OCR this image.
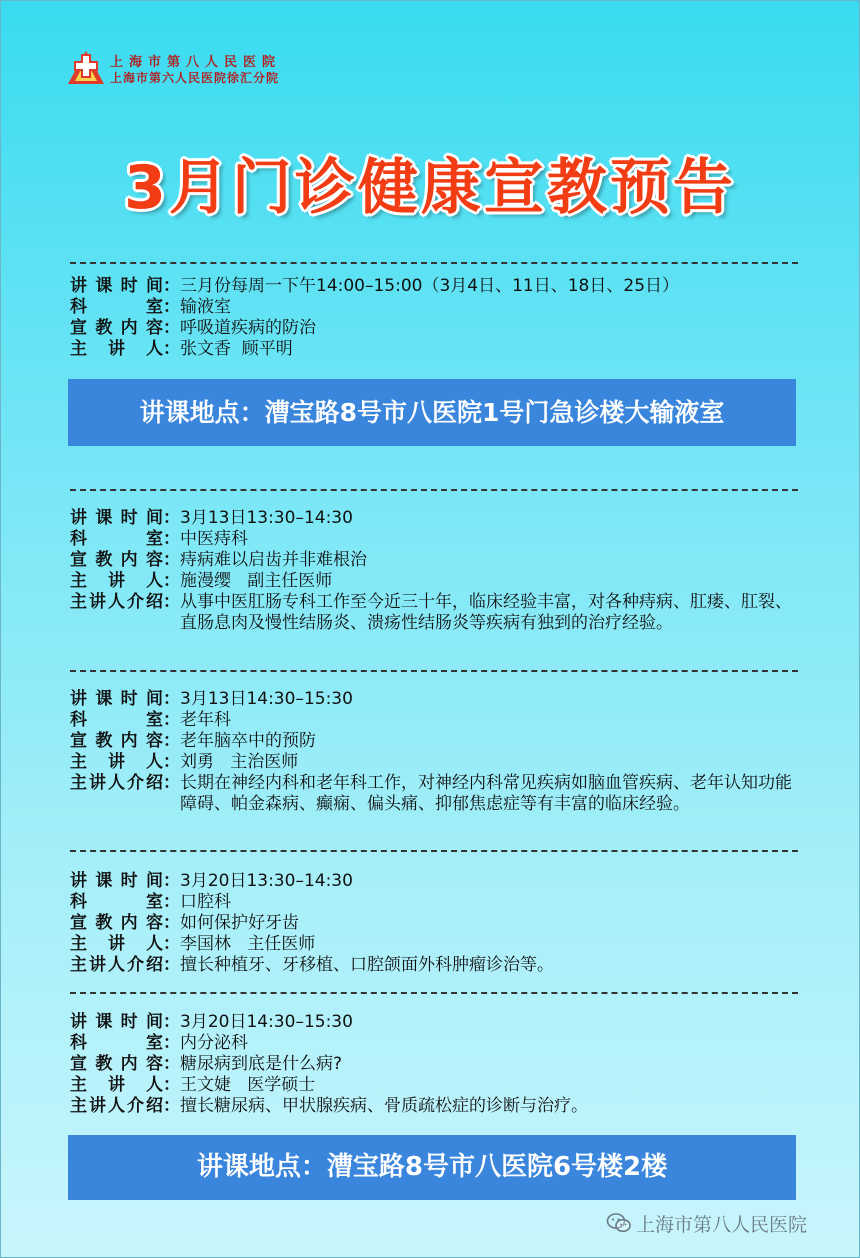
上海市第八人民医院
上海市第六人民医院徐汇分院
3月门诊健康宣教预告
讲课时间 ： 三月份每周一下午14:00–15:00（3月4日、11日、18日、25日）
科室 ： 输液室
宣教内容 ： 呼吸道疾病的防治
主讲人 ： 张文香  顾平明
讲课地点：漕宝路8号市八医院1号门急诊楼大输液室
讲课时间 ： 3月13日13:30–14:30
科室 ： 中医痔科
宣教内容 ： 痔病难以启齿并非难根治
主讲人 ： 施漫缨   副主任医师
主讲人介绍 ： 从事中医肛肠专科工作至今近三十年，临床经验丰富，对各种痔病、肛瘘、肛裂、直肠息肉及慢性结肠炎、溃疡性结肠炎等疾病有独到的治疗经验。
讲课时间 ： 3月13日14:30–15:30
科室 ： 老年科
宣教内容 ： 老年脑卒中的预防
主讲人 ： 刘勇   主治医师
主讲人介绍 ： 长期在神经内科和老年科工作，对神经内科常见疾病如脑血管疾病、老年认知功能障碍、帕金森病、癫痫、偏头痛、抑郁焦虑症等有丰富的临床经验。
讲课时间 ： 3月20日13:30–14:30
科室 ： 口腔科
宣教内容 ： 如何保护好牙齿
主讲人 ： 李国林   主任医师
主讲人介绍 ： 擅长种植牙、牙移植、口腔颌面外科肿瘤诊治等。
讲课时间 ： 3月20日14:30–15:30
科室 ： 内分泌科
宣教内容 ： 糖尿病到底是什么病?
主讲人 ： 王文婕   医学硕士
主讲人介绍 ： 擅长糖尿病、甲状腺疾病、骨质疏松症的诊断与治疗。
讲课地点：漕宝路8号市八医院6号楼2楼
上海市第八人民医院
